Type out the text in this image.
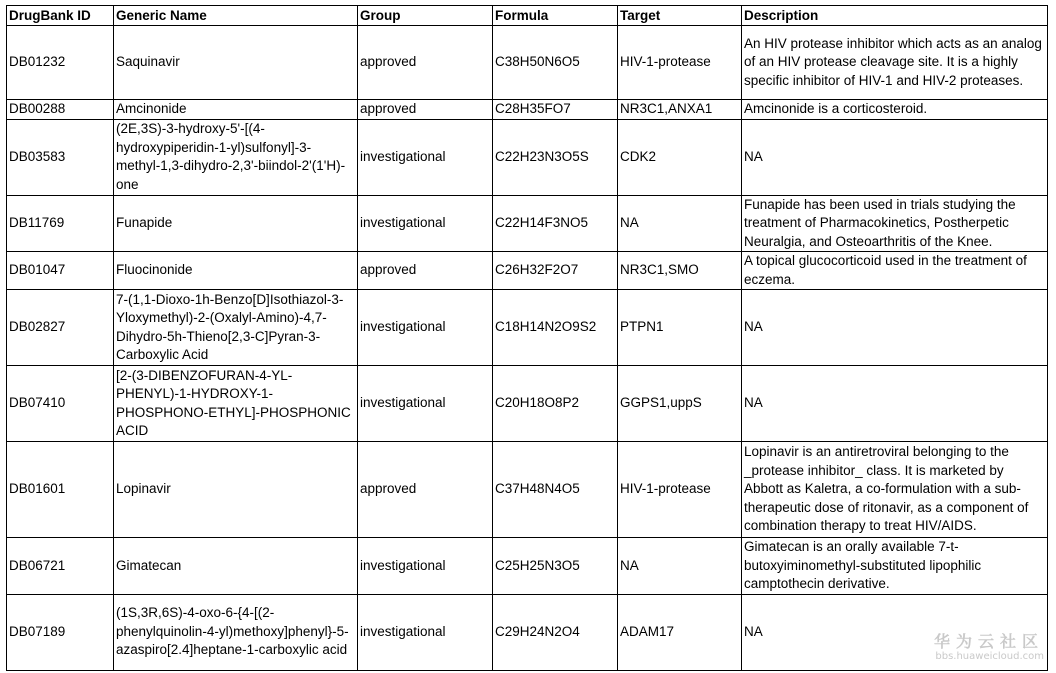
DrugBank ID	Generic Name	Group	Formula	Target	Description
DB01232	Saquinavir	approved	C38H50N6O5	HIV-1-protease	An HIV protease inhibitor which acts as an analog of an HIV protease cleavage site. It is a highly specific inhibitor of HIV-1 and HIV-2 proteases.
DB00288	Amcinonide	approved	C28H35FO7	NR3C1,ANXA1	Amcinonide is a corticosteroid.
DB03583	(2E,3S)-3-hydroxy-5'-[(4-hydroxypiperidin-1-yl)sulfonyl]-3-methyl-1,3-dihydro-2,3'-biindol-2'(1'H)-one	investigational	C22H23N3O5S	CDK2	NA
DB11769	Funapide	investigational	C22H14F3NO5	NA	Funapide has been used in trials studying the treatment of Pharmacokinetics, Postherpetic Neuralgia, and Osteoarthritis of the Knee.
DB01047	Fluocinonide	approved	C26H32F2O7	NR3C1,SMO	A topical glucocorticoid used in the treatment of eczema.
DB02827	7-(1,1-Dioxo-1h-Benzo[D]Isothiazol-3-Yloxymethyl)-2-(Oxalyl-Amino)-4,7-Dihydro-5h-Thieno[2,3-C]Pyran-3-Carboxylic Acid	investigational	C18H14N2O9S2	PTPN1	NA
DB07410	[2-(3-DIBENZOFURAN-4-YL-PHENYL)-1-HYDROXY-1-PHOSPHONO-ETHYL]-PHOSPHONIC ACID	investigational	C20H18O8P2	GGPS1,uppS	NA
DB01601	Lopinavir	approved	C37H48N4O5	HIV-1-protease	Lopinavir is an antiretroviral belonging to the _protease inhibitor_ class. It is marketed by Abbott as Kaletra, a co-formulation with a sub-therapeutic dose of ritonavir, as a component of combination therapy to treat HIV/AIDS.
DB06721	Gimatecan	investigational	C25H25N3O5	NA	Gimatecan is an orally available 7-t-butoxyiminomethyl-substituted lipophilic camptothecin derivative.
DB07189	(1S,3R,6S)-4-oxo-6-{4-[(2-phenylquinolin-4-yl)methoxy]phenyl}-5-azaspiro[2.4]heptane-1-carboxylic acid	investigational	C29H24N2O4	ADAM17	NA
华为云社区
bbs.huaweicloud.com
